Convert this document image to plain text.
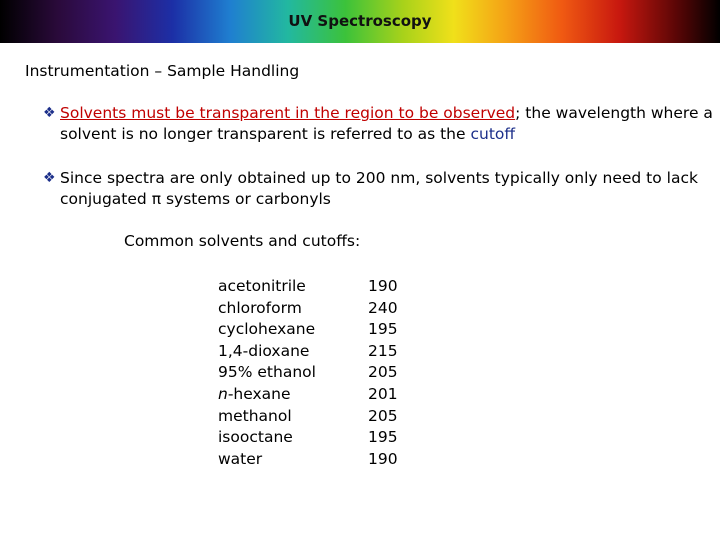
UV Spectroscopy
Instrumentation – Sample Handling
❖ Solvents must be transparent in the region to be observed; the wavelength where a solvent is no longer transparent is referred to as the cutoff
❖ Since spectra are only obtained up to 200 nm, solvents typically only need to lack conjugated π systems or carbonyls
Common solvents and cutoffs:
acetonitrile	190
chloroform	240
cyclohexane	195
1,4-dioxane	215
95% ethanol	205
n-hexane	201
methanol	205
isooctane	195
water	190
